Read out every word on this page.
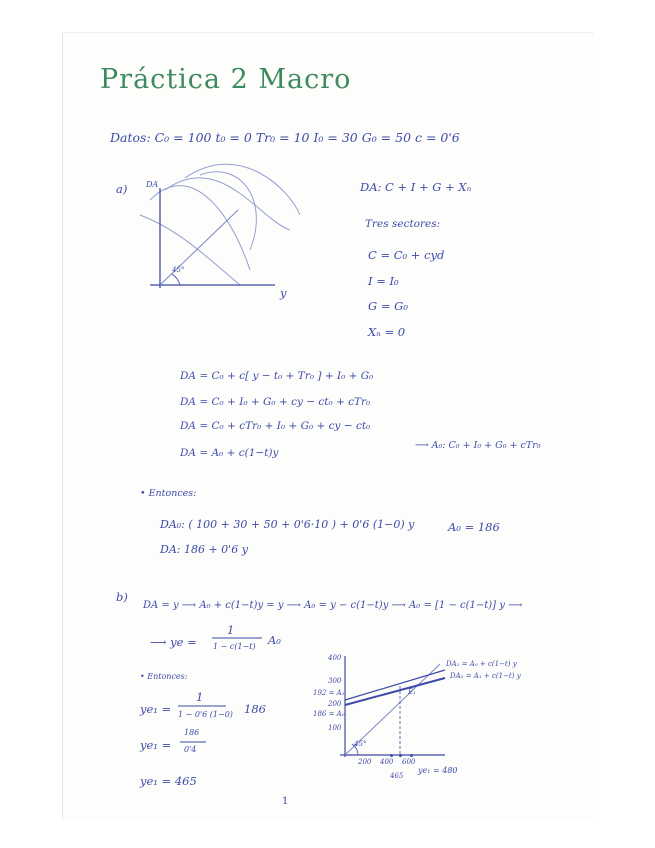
Práctica 2 Macro
Datos: C₀ = 100 t₀ = 0 Tr₀ = 10 I₀ = 30 G₀ = 50 c = 0'6
a) DA
y
45°
DA: C + I + G + Xₙ
Tres sectores:
C = C₀ + cyd
I = I₀
G = G₀
Xₙ = 0
DA = C₀ + c[ y − t₀ + Tr₀ ] + I₀ + G₀
DA = C₀ + I₀ + G₀ + cy − ct₀ + cTr₀
DA = C₀ + cTr₀ + I₀ + G₀ + cy − ct₀
DA = A₀ + c(1−t)y
⟶ A₀: C₀ + I₀ + G₀ + cTr₀
• Entonces:
DA₀: ( 100 + 30 + 50 + 0'6·10 ) + 0'6 (1−0) y	A₀ = 186
DA: 186 + 0'6 y
b)
DA = y ⟶ A₀ + c(1−t)y = y ⟶ A₀ = y − c(1−t)y ⟶ A₀ = [1 − c(1−t)] y ⟶
⟶ ye =
1
1 − c(1−t) A₀
• Entonces:
ye₁ =
1
1 − 0'6 (1−0) 186
ye₁ =
186
0'4
ye₁ = 465
400
300
192 = A₁
186 = A₀
200
100
45°
200 400 600
465
ye₁ = 480
DA₁ = A₀ + c(1−t) y
DA₂ = A₁ + c(1−t) y
E₁
1
